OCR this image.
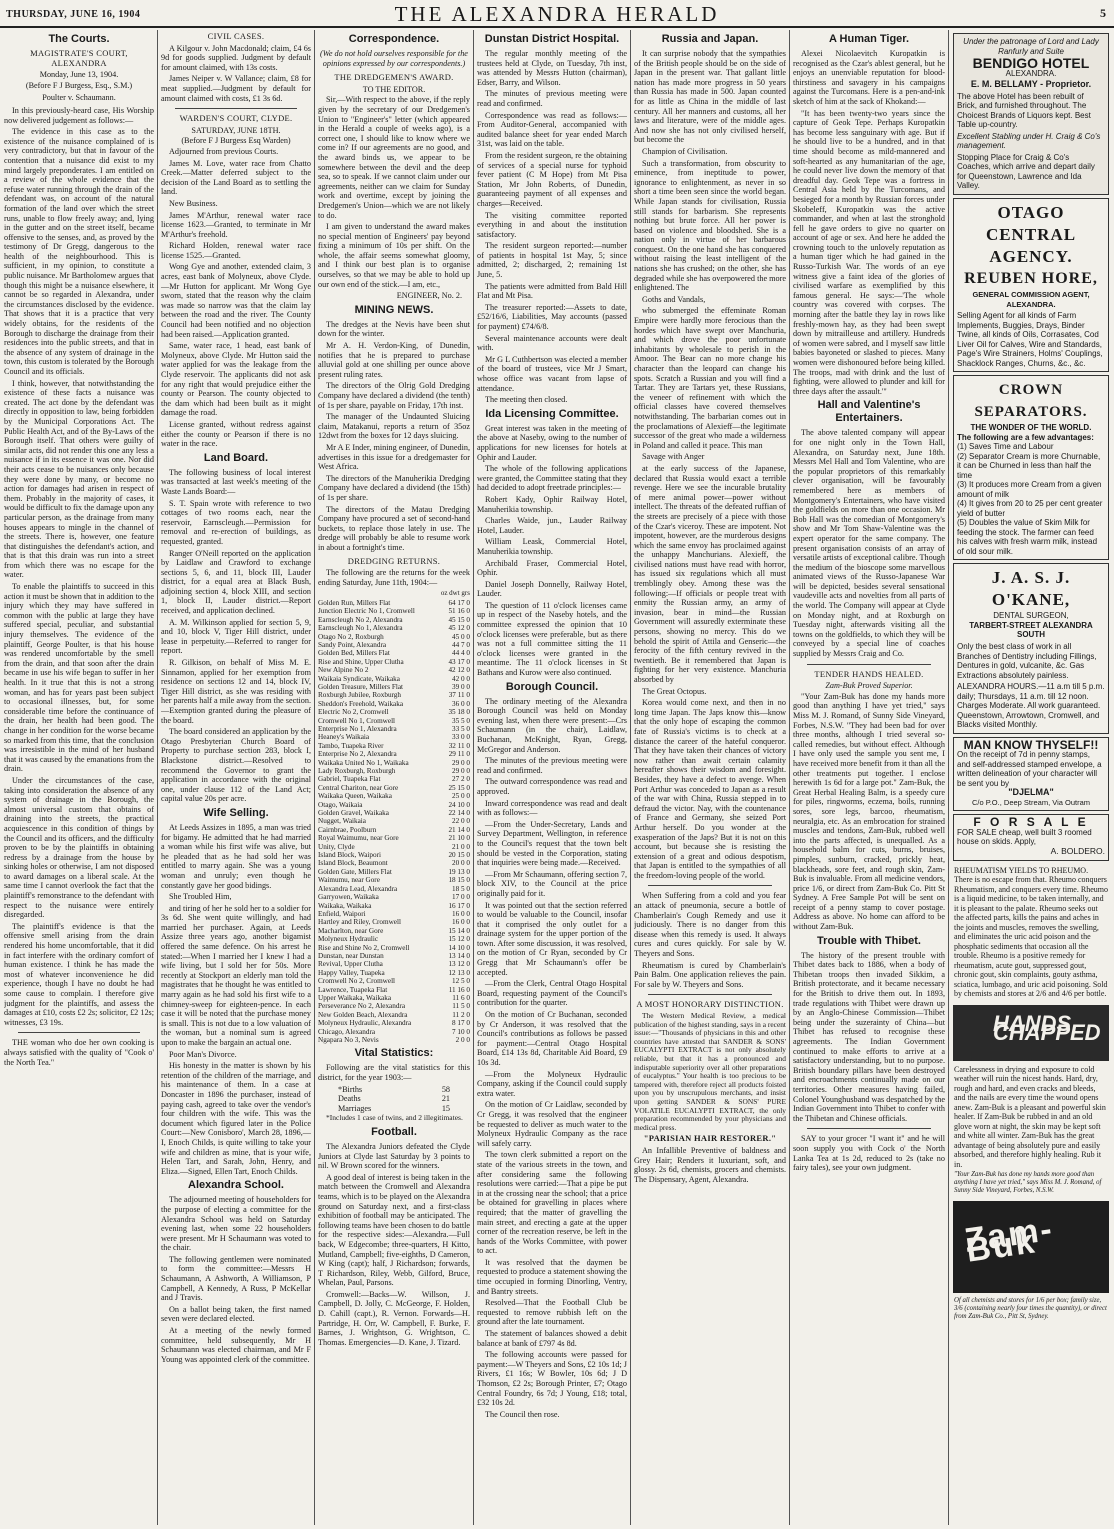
THURSDAY, JUNE 16, 1904	THE ALEXANDRA HERALD	5
The Courts.
MAGISTRATE'S COURT, ALEXANDRA
Monday, June 13, 1904.
(Before F J Burgess, Esq., S.M.)
Poulter v. Schaumann.

In this previously-heard case, His Worship now delivered judgement as follows:—

The evidence in this case as to the existence of the nuisance complained of is very contradictory, but that in favour of the contention that a nuisance did exist to my mind largely preponderates. I am entitled on a review of the whole evidence that the refuse water running through the drain of the defendant was, on account of the natural formation of the land over which the street runs, unable to flow freely away; and, lying in the gutter and on the street itself, became offensive to the senses, and, as proved by the testimony of Dr Gregg, dangerous to the health of the neighbourhood. This is sufficient, in my opinion, to constitute a public nuisance. Mr Bartholomew argues that though this might be a nuisance elsewhere, it cannot be so regarded in Alexandra, under the circumstances disclosed by the evidence. That shows that it is a practice that very widely obtains, for the residents of the Borough to discharge the drainage from their residences into the public streets, and that in the absence of any system of drainage in the town, this custom is tolerated by the Borough Council and its officials.

I think, however, that notwithstanding the existence of these facts a nuisance was created. The act done by the defendant was directly in opposition to law, being forbidden by the Municipal Corporations Act. The Public Health Act, and of the By-Laws of the Borough itself. That others were guilty of similar acts, did not render this one any less a nuisance if in its essence it was one. Nor did their acts cease to be nuisances only because they were done by many, or become no action for damages had arisen in respect of them. Probably in the majority of cases, it would be difficult to fix the damage upon any particular person, as the drainage from many houses appears to mingle in the channel of the streets. There is, however, one feature that distinguishes the defendant's action, and that is that this drain was run into a street from which there was no escape for the water.

To enable the plaintiffs to succeed in this action it must be shown that in addition to the injury which they may have suffered in common with the public at large they have suffered special, peculiar, and substantial injury themselves. The evidence of the plaintiff, George Poulter, is that his house was rendered uncomfortable by the smell from the drain, and that soon after the drain became in use his wife began to suffer in her health. In it true that this is not a strong woman, and has for years past been subject to occasional illnesses, but, for some considerable time before the continuance of the drain, her health had been good. The change in her condition for the worse became so marked from this time, that the conclusion was irresistible in the mind of her husband that it was caused by the emanations from the drain.

Under the circumstances of the case, taking into consideration the absence of any system of drainage in the Borough, the almost universal custom that obtains of draining into the streets, the practical acquiescence in this condition of things by the Council and its officers, and the difficulty proven to be by the plaintiffs in obtaining redress by a drainage from the house by sinking holes or otherwise, I am not disposed to award damages on a liberal scale. At the same time I cannot overlook the fact that the plaintiff's remonstrance to the defendant with respect to the nuisance were entirely disregarded.

The plaintiff's evidence is that the offensive smell arising from the drain rendered his home uncomfortable, that it did in fact interfere with the ordinary comfort of human existence. I think he has made the most of whatever inconvenience he did experience, though I have no doubt he had some cause to complain. I therefore give judgment for the plaintiffs, and assess the damages at £10, costs £2 2s; solicitor, £2 12s; witnesses, £3 19s.

THE woman who doe her own cooking is always satisfied with the quality of "Cook o' the North Tea."

CIVIL CASES.

A Kilgour v. John Macdonald; claim, £4 6s 9d for goods supplied. Judgment by default for amount claimed, with 13s costs.

James Neiper v. W Vallance; claim, £8 for meat supplied.—Judgment by default for amount claimed with costs, £1 3s 6d.

WARDEN'S COURT, CLYDE.
SATURDAY, JUNE 18TH.
(Before F J Burgess Esq Warden)

Adjourned from previous Courts.

James M. Love, water race from Chatto Creek.—Matter deferred subject to the decision of the Land Board as to settling the land.

New Business.

James M'Arthur, renewal water race license 1623.—Granted, to terminate in Mr M'Arthur's freehold.

Richard Holden, renewal water race license 1525.—Granted.

Wong Gye and another, extended claim, 3 acres, east bank of Molyneux, above Clyde.—Mr Hutton for applicant. Mr Wong Gye sworn, stated that the reason why the claim was made so narrow was that the claim lay between the road and the river. The County Council had been notified and no objection had been raised.—Application granted.

Same, water race, 1 head, east bank of Molyneux, above Clyde. Mr Hutton said the water applied for was the leakage from the Clyde reservoir. The applicants did not ask for any right that would prejudice either the county or Pearson. The county objected to the dam which had been built as it might damage the road.

License granted, without redress against either the county or Pearson if there is no water in the race.

Land Board.

The following business of local interest was transacted at last week's meeting of the Waste Lands Board:—

S. T. Spain wrote with reference to two cottages of two rooms each, near the reservoir, Earnscleugh.—Permission for removal and re-erection of buildings, as requested, granted.

Ranger O'Neill reported on the application by Laidlaw and Crawford to exchange sections 5, 6, and 11, block III, Lauder district, for a equal area at Black Bush, adjoining section 4, block XIII, and section 1, block II, Lauder district.—Report received, and application declined.

A. M. Wilkinson applied for section 5, 9, and 10, block V, Tiger Hill district, under lease in perpetuity.—Referred to ranger for report.

R. Gilkison, on behalf of Miss M. E. Sinnamon, applied for her exemption from residence on sections 12 and 14, block IV, Tiger Hill district, as she was residing with her parents half a mile away from the section.—Exemption granted during the pleasure of the board.

The board considered an application by the Otago Presbyterian Church Board of Property to purchase section 283, block I, Blackstone district.—Resolved to recommend the Governor to grant the application in accordance with the original one, under clause 112 of the Land Act; capital value 20s per acre.

Wife Selling.

At Leeds Assizes in 1895, a man was tried for bigamy. He admitted that he had married a woman while his first wife was alive, but he pleaded that as he had sold her was entitled to marry again. She was a young woman and unruly; even though he constantly gave her good bidings.

She Troubled Him,

and tiring of her he sold her to a soldier for 3s 6d. She went quite willingly, and had married her purchaser. Again, at Leeds Assize three years ago, another bigamist offered the same defence. On his arrest he stated:—When I married her I knew I had a wife living, but I sold her for 50s. More recently at Stockport an elderly man told the magistrates that he thought he was entitled to marry again as he had sold his first wife to a chimney-sweep for eighteen-pence. In each case it will be noted that the purchase money is small. This is not due to a low valuation of the woman, but a nominal sum is agreed upon to make the bargain an actual one.

Poor Man's Divorce.

His honesty in the matter is shown by his retention of the children of the marriage, and his maintenance of them. In a case at Doncaster in 1896 the purchaser, instead of paying cash, agreed to take over the vendor's four children with the wife. This was the document which figured later in the Police Court:—New Conisboro', March 28, 1896,—I, Enoch Childs, is quite willing to take your wife and children as mine, that is your wife, Helen Tart, and Sarah, John, Henry, and Eliza.—Signed, Ellen Tart, Enoch Childs.

Alexandra School.

The adjourned meeting of householders for the purpose of electing a committee for the Alexandra School was held on Saturday evening last, when some 22 householders were present. Mr H Schaumann was voted to the chair.

The following gentlemen were nominated to form the committee:—Messrs H Schaumann, A Ashworth, A Williamson, P Campbell, A Kennedy, A Russ, P McKellar and J Travis.

On a ballot being taken, the first named seven were declared elected.

At a meeting of the newly formed committee, held subsequently, Mr H Schaumann was elected chairman, and Mr F Young was appointed clerk of the committee.

Correspondence.
(We do not hold ourselves responsible for the opinions expressed by our correspondents.)
THE DREDGEMEN'S AWARD.
TO THE EDITOR.

Sir,—With respect to the above, if the reply given by the secretary of our Dredgemen's Union to "Engineer's" letter (which appeared in the Herald a couple of weeks ago), is a correct one, I should like to know where we come in? If our agreements are no good, and the award binds us, we appear to be somewhere between the devil and the deep sea, so to speak. If we cannot claim under our agreements, neither can we claim for Sunday work and overtime, except by joining the Dredgemen's Union—which we are not likely to do.

I am given to understand the award makes no special mention of Engineers' pay beyond fixing a minimum of 10s per shift. On the whole, the affair seems somewhat gloomy, and I think our best plan is to organise ourselves, so that we may be able to hold up our own end of the stick.—I am, etc.,

ENGINEER, No. 2.
MINING NEWS.

The dredges at the Nevis have been shut down for the winter.

Mr A. H. Verdon-King, of Dunedin, notifies that he is prepared to purchase alluvial gold at one shilling per ounce above present ruling rates.

The directors of the Olrig Gold Dredging Company have declared a dividend (the tenth) of 1s per share, payable on Friday, 17th inst.

The manager of the Undaunted Sluicing claim, Matakanui, reports a return of 35oz 12dwt from the boxes for 12 days sluicing.

Mr A E Inder, mining engineer, of Dunedin, advertises in this issue for a dredgemaster for West Africa.

The directors of the Manuherikia Dredging Company have declared a dividend (the 15th) of 1s per share.

The directors of the Matau Dredging Company have procured a set of second-hand buckets, to replace those lately in use. The dredge will probably be able to resume work in about a fortnight's time.

DREDGING RETURNS.

The following are the returns for the week ending Saturday, June 11th, 1904:—

oz dwt grs
Golden Run, Millers Flat	64 17 0
Junction Electric No 1, Cromwell	51 16 0
Earnscleugh No 2, Alexandra	45 15 0
Earnscleugh No 1, Alexandra	45 12 0
Otago No 2, Roxburgh	45 0 0
Sandy Point, Alexandra	44 7 0
Golden Bed, Millers Flat	44 4 0
Rise and Shine, Upper Clutha	43 17 0
New Alpine No 2	42 12 0
Waikaia Syndicate, Waikaka	42 0 0
Golden Treasure, Millers Flat	39 0 0
Roxburgh Jubilee, Roxburgh	37 11 0
Sheddon's Freehold, Waikaka	36 0 0
Electric No 2, Cromwell	35 18 0
Cromwell No 1, Cromwell	35 5 0
Enterprise No 1, Alexandra	33 5 0
Heaney's Waikaia	33 0 0
Tambo, Tuapeka River	32 11 0
Enterprise No 2, Alexandra	29 11 0
Waikaka United No 1, Waikaka	29 0 0
Lady Roxburgh, Roxburgh	29 0 0
Gabriel, Tuapeka Flat	27 2 0
Central Chariton, near Gore	25 15 0
Waikaka Queen, Waikaka	25 0 0
Otago, Waikaia	24 10 0
Golden Gravel, Waikaka	22 14 0
Nugget, Waikaia	22 0 0
Cairnbrae, Poolburn	21 14 0
Royal Waimumu, near Gore	21 10 0
Unity, Clyde	21 0 0
Island Block, Waipori	20 15 0
Island Block, Beaumont	20 0 0
Golden Gate, Millers Flat	19 13 0
Waimumu, near Gore	18 15 0
Alexandra Lead, Alexandra	18 5 0
Garryowen, Waikaka	17 0 0
Waikaka, Waikaka	16 17 0
Enfield, Waipori	16 0 0
Hartley and Riley, Cromwell	16 0 0
Macharlton, near Gore	15 14 0
Molyneux Hydraulic	15 12 0
Rise and Shine No 2, Cromwell	14 10 0
Dunstan, near Dunstan	13 14 0
Revival, Upper Clutha	13 12 0
Happy Valley, Tuapeka	12 13 0
Cromwell No 2, Cromwell	12 5 0
Lawrence, Tuapeka Flat	11 16 0
Upper Waikaka, Waikaka	11 6 0
Perseverance No 2, Alexandra	11 5 0
New Golden Beach, Alexandra	11 2 0
Molyneux Hydraulic, Alexandra	8 17 0
Chicago, Alexandra	7 10 0
Ngapara No 3, Nevis	2 0 0
Vital Statistics:

Following are the vital statistics for this district, for the year 1903:—

*Births	58
Deaths	21
Marriages	15

*Includes 1 case of twins, and 2 illegitimates.

Football.

The Alexandra Juniors defeated the Clyde Juniors at Clyde last Saturday by 3 points to nil. W Brown scored for the winners.

A good deal of interest is being taken in the match between the Cromwell and Alexandra teams, which is to be played on the Alexandra ground on Saturday next, and a first-class exhibition of football may be anticipated. The following teams have been chosen to do battle for the respective sides:—Alexandra.—Full back, W Edgecombe; three-quarters, H Kitto, Mutland, Campbell; five-eighths, D Cameron, W King (capt); half, J Richardson; forwards, T Richardson, Riley, Webb, Gilford, Bruce, Whelan, Paul, Parsons.

Cromwell:—Backs—W. Willson, J. Campbell, D. Jolly, C. McGeorge, F. Holden, D. Cahill (capt.), R. Vernon. Forwards—H. Partridge, H. Orr, W. Campbell, F. Burke, F. Barnes, J. Wrightson, G. Wrightson, C. Thomas. Emergencies—D. Kane, J. Tizard.

Dunstan District Hospital.

The regular monthly meeting of the trustees held at Clyde, on Tuesday, 7th inst, was attended by Messrs Hutton (chairman), Edser, Barry, and Wilson.

The minutes of previous meeting were read and confirmed.

Correspondence was read as follows:—From Auditor-General, accompanied with audited balance sheet for year ended March 31st, was laid on the table.

From the resident surgeon, re the obtaining of services of a special nurse for typhoid fever patient (C M Hope) from Mt Pisa Station, Mr John Roberts, of Dunedin, guaranteeing payment of all expenses and charges—Received.

The visiting committee reported everything in and about the institution satisfactory.

The resident surgeon reported:—number of patients in hospital 1st May, 5; since admitted, 2; discharged, 2; remaining 1st June, 5.

The patients were admitted from Bald Hill Flat and Mt Pisa.

The treasurer reported:—Assets to date, £52/16/6, Liabilities, May accounts (passed for payment) £74/6/8.

Several maintenance accounts were dealt with.

Mr G L Cuthbertson was elected a member of the board of trustees, vice Mr J Smart, whose office was vacant from lapse of attendance.

The meeting then closed.

Ida Licensing Committee.

Great interest was taken in the meeting of the above at Naseby, owing to the number of applications for new licenses for hotels at Ophir and Lauder.

The whole of the following applications were granted, the Committee stating that they had decided to adopt freetrade principles:—

Robert Kady, Ophir Railway Hotel, Manuherikia township.

Charles Waide, jun., Lauder Railway Hotel, Lauder.

William Leask, Commercial Hotel, Manuherikia township.

Archibald Fraser, Commercial Hotel, Ophir.

Daniel Joseph Donnelly, Railway Hotel, Lauder.

The question of 11 o'clock licenses came up in respect of the Naseby hotels, and the committee expressed the opinion that 10 o'clock licenses were preferable, but as there was not a full committee sitting the 11 o'clock licenses were granted in the meantime. The 11 o'clock licenses in St Bathans and Kurow were also continued.

Borough Council.

The ordinary meeting of the Alexandra Borough Council was held on Monday evening last, when there were present:—Crs Schaumann (in the chair), Laidlaw, Buchanan, McKnight, Ryan, Gregg, McGregor and Anderson.

The minutes of the previous meeting were read and confirmed.

The outward correspondence was read and approved.

Inward correspondence was read and dealt with as follows:—

—From the Under-Secretary, Lands and Survey Department, Wellington, in reference to the Council's request that the town belt should be vested in the Corporation, stating that inquiries were being made.—Received.

—From Mr Schaumann, offering section 7, block XIV, to the Council at the price originally paid for it.

It was pointed out that the section referred to would be valuable to the Council, insofar that it comprised the only outlet for a drainage system for the upper portion of the town. After some discussion, it was resolved, on the motion of Cr Ryan, seconded by Cr Gregg that Mr Schaumann's offer be accepted.

—From the Clerk, Central Otago Hospital Board, requesting payment of the Council's contribution for the quarter.

On the motion of Cr Buchanan, seconded by Cr Anderson, it was resolved that the Council's contributions as follows be passed for payment:—Central Otago Hospital Board, £14 13s 8d, Charitable Aid Board, £9 10s 3d.

—From the Molyneux Hydraulic Company, asking if the Council could supply extra water.

On the motion of Cr Laidlaw, seconded by Cr Gregg, it was resolved that the engineer be requested to deliver as much water to the Molyneux Hydraulic Company as the race will safely carry.

The town clerk submitted a report on the state of the various streets in the town, and after considering same the following resolutions were carried:—That a pipe be put in at the crossing near the school; that a price be obtained for gravelling in places where required; that the matter of gravelling the main street, and erecting a gate at the upper corner of the recreation reserve, be left in the hands of the Works Committee, with power to act.

It was resolved that the daymen be requested to produce a statement showing the time occupied in forming Dinorling, Ventry, and Bantry streets.

Resolved—That the Football Club be requested to remove rubbish left on the ground after the late tournament.

The statement of balances showed a debit balance at bank of £797 4s 8d.

The following accounts were passed for payment:—W Theyers and Sons, £2 10s 1d; J Rivers, £1 16s; W Bowler, 10s 6d; J D Thomson, £2 2s; Borough Printer, £7; Otago Central Foundry, 6s 7d; J Young, £18; total, £32 10s 2d.

The Council then rose.

Russia and Japan.

It can surprise nobody that the sympathies of the British people should be on the side of Japan in the present war. That gallant little nation has made more progress in 50 years than Russia has made in 500. Japan counted for as little as China in the middle of last century. All her manners and customs, all her laws and literature, were of the middle ages. And now she has not only civilised herself, but become the

Champion of Civilisation.

Such a transformation, from obscurity to eminence, from ineptitude to power, ignorance to enlightenment, as never in so short a time been seen since the world began. While Japan stands for civilisation, Russia still stands for barbarism. She represents nothing but brute force. All her power is based on violence and bloodshed. She is a nation only in virtue of her barbarous conquest. On the one hand she has conquered without raising the least intelligent of the nations she has crushed; on the other, she has degraded while she has overpowered the more enlightened. The

Goths and Vandals,

who submerged the effeminate Roman Empire were hardly more ferocious than the hordes which have swept over Manchuria, and which drove the poor unfortunate inhabitants by wholesale to perish in the Amoor. The Bear can no more change his character than the leopard can change his spots. Scratch a Russian and you will find a Tartar. They are Tartars yet, these Russians, the veneer of refinement with which the official classes have covered themselves notwithstanding. The barbarian comes out in the proclamations of Alexieff—the legitimate successor of the great who made a wilderness in Poland and called it peace. This man

Savage with Anger

at the early success of the Japanese, declared that Russia would exact a terrible revenge. Here we see the incurable brutality of mere animal power—power without intellect. The threats of the defeated ruffian of the streets are precisely of a piece with those of the Czar's viceroy. These are impotent. Not impotent, however, are the murderous designs which the same envoy has proclaimed against the unhappy Manchurians. Alexieff, the civilised nations must have read with horror, has issued six regulations which all must tremblingly obey. Among these was the following:—If officials or people treat with enmity the Russian army, an army of invasion, bear in mind—the Russian Government will assuredly exterminate these persons, showing no mercy. This do we behold the spirit of Attila and Genseric—the ferocity of the fifth century revived in the twentieth. Be it remembered that Japan is fighting for her very existence. Manchuria absorbed by

The Great Octopus.

Korea would come next, and then in no long time Japan. The Japs know this—know that the only hope of escaping the common fate of Russia's victims is to check at a distance the career of the hateful conqueror. That they have taken their chances of victory now rather than await certain calamity hereafter shows their wisdom and foresight. Besides, they have a defect to avenge. When Port Arthur was conceded to Japan as a result of the war with China, Russia stepped in to defraud the victor. Nay, with the countenance of France and Germany, she seized Port Arthur herself. Do you wonder at the exasperation of the Japs? But it is not on this account, but because she is resisting the extension of a great and odious despotism, that Japan is entitled to the sympathies of all the freedom-loving people of the world.

When Suffering from a cold and you fear an attack of pneumonia, secure a bottle of Chamberlain's Cough Remedy and use it judiciously. There is no danger from this disease when this remedy is used. It always cures and cures quickly. For sale by W. Theyers and Sons.

Rheumatism is cured by Chamberlain's Pain Balm. One application relieves the pain. For sale by W. Theyers and Sons.

A MOST HONORARY DISTINCTION.

The Western Medical Review, a medical publication of the highest standing, says in a recent issue:—"Thousands of physicians in this and other countries have attested that SANDER & SONS' EUCALYPTI EXTRACT is not only absolutely reliable, but that it has a pronounced and indisputable superiority over all other preparations of eucalyptus." Your health is too precious to be tampered with, therefore reject all products foisted upon you by unscrupulous merchants, and insist upon getting SANDER & SONS' PURE VOLATILE EUCALYPTI EXTRACT, the only preparation recommended by your physicians and medical press.

"PARISIAN HAIR RESTORER."

An Infallible Preventive of baldness and Grey Hair; Renders it luxuriant, soft, and glossy. 2s 6d, chemists, grocers and chemists. The Dispensary, Agent, Alexandra.

A Human Tiger.

Alexei Nicolaevitch Kuropatkin is recognised as the Czar's ablest general, but he enjoys an unenviable reputation for blood-thirstiness and savagery in his campaigns against the Turcomans. Here is a pen-and-ink sketch of him at the sack of Khokand:—

"It has been twenty-two years since the capture of Geok Tepe. Perhaps Kuropatkin has become less sanguinary with age. But if he should live to be a hundred, and in that time should become as mild-mannered and soft-hearted as any humanitarian of the age, he could never live down the memory of that dreadful day. Geok Tepe was a fortress in Central Asia held by the Turcomans, and besieged for a month by Russian forces under Skobeleff, Kuropatkin was the active commander, and when at last the stronghold fell he gave orders to give no quarter on account of age or sex. And here he added the crowning touch to the unlovely reputation as a human tiger which he had gained in the Russo-Turkish War. The words of an eye witness give a faint idea of the glories of civilised warfare as exemplified by this famous general. He says:—'The whole country was covered with corpses. The morning after the battle they lay in rows like freshly-mown hay, as they had been swept down by mitrailleuse and artillery. Hundreds of women were sabred, and I myself saw little babies bayoneted or slashed to pieces. Many women were dishonoured before being killed. The troops, mad with drink and the lust of fighting, were allowed to plunder and kill for three days after the assault.'"

Hall and Valentine's Entertainers.

The above talented company will appear for one night only in the Town Hall, Alexandra, on Saturday next, June 18th. Messrs Mel Hall and Tom Valentine, who are the popular proprietors of this remarkably clever organisation, will be favourably remembered here as members of Montgomery's Entertainers, who have visited the goldfields on more than one occasion. Mr Bob Hall was the comedian of Montgomery's show and Mr Tom Shaw-Valentine was the expert operator for the same company. The present organisation consists of an array of versatile artists of exceptional calibre. Though the medium of the bioscope some marvellous animated views of the Russo-Japanese War will be depicted, besides several sensational vaudeville acts and novelties from all parts of the world. The Company will appear at Clyde on Monday night, and at Roxburgh on Tuesday night, afterwards visiting all the towns on the goldfields, to which they will be conveyed by a special line of coaches supplied by Messrs Craig and Co.

TENDER HANDS HEALED.
Zam-Buk Proved Superior.

"Your Zam-Buk has done my hands more good than anything I have yet tried," says Miss M. J. Romand, of Sunny Side Vineyard, Forbes, N.S.W. "They had been bad for over three months, although I tried several so-called remedies, but without effect. Although I have only used the sample you sent me, I have received more benefit from it than all the other treatments put together. I enclose herewith 1s 6d for a large pot." Zam-Buk, the Great Herbal Healing Balm, is a speedy cure for piles, ringworms, eczema, boils, running sores, sore legs, barcoo, rheumatism, neuralgia, etc. As an embrocation for strained muscles and tendons, Zam-Buk, rubbed well into the parts affected, is unequalled. As a household balm for cuts, burns, bruises, pimples, sunburn, cracked, prickly heat, blackheads, sore feet, and rough skin, Zam-Buk is invaluable. From all medicine vendors, price 1/6, or direct from Zam-Buk Co. Pitt St Sydney. A Free Sample Pot will be sent on receipt of a penny stamp to cover postage. Address as above. No home can afford to be without Zam-Buk.

Trouble with Thibet.

The history of the present trouble with Thibet dates back to 1886, when a body of Thibetan troops then invaded Sikkim, a British protectorate, and it became necessary for the British to drive them out. In 1893, trade regulations with Thibet were drawn up by an Anglo-Chinese Commission—Thibet being under the suzerainty of China—but Thibet has refused to recognise these agreements. The Indian Government continued to make efforts to arrive at a satisfactory understanding, but to no purpose. British boundary pillars have been destroyed and encroachments continually made on our territories. Other measures having failed, Colonel Younghusband was despatched by the Indian Government into Thibet to confer with the Thibetan and Chinese officials.

SAY to your grocer "I want it" and he will soon supply you with Cock o' the North Lanka Tea at 1s 2d, reduced to 2s (take no fairy tales), see your own judgment.

Under the patronage of Lord and Lady Ranfurly and Suite
BENDIGO HOTEL
ALEXANDRA.
E. M. BELLAMY - Proprietor.
The above Hotel has been rebuilt of Brick, and furnished throughout. The Choicest Brands of Liquors kept. Best Table up-country.
Excellent Stabling under H. Craig & Co's management.
Stopping Place for Craig & Co's Coaches, which arrive and depart daily for Queenstown, Lawrence and Ida Valley.
OTAGO CENTRAL AGENCY.
REUBEN HORE,
GENERAL COMMISSION AGENT, ALEXANDRA.
Selling Agent for all kinds of Farm Implements, Buggies, Drays, Binder Twine, all kinds of Oils, Corrasates, Cod Liver Oil for Calves, Wire and Standards, Page's Wire Strainers, Holms' Couplings, Shacklock Ranges, Churns, &c., &c.
CROWN SEPARATORS.
THE WONDER OF THE WORLD.
The following are a few advantages:
(1) Saves Time and Labour
(2) Separator Cream is more Churnable, it can be Churned in less than half the time
(3) It produces more Cream from a given amount of milk
(4) It gives from 20 to 25 per cent greater yield of butter
(5) Doubles the value of Skim Milk for feeding the stock. The farmer can feed his calves with fresh warm milk, instead of old sour milk.
J. A. S. J. O'KANE,
DENTAL SURGEON,
TARBERT-STREET ALEXANDRA SOUTH
Only the best class of work in all Branches of Dentistry including Fillings, Dentures in gold, vulcanite, &c. Gas Extractions absolutely painless.
ALEXANDRA HOURS.—11 a.m till 5 p.m. daily; Thursdays, 11 a.m. till 12 noon. Charges Moderate. All work guaranteed. Queenstown, Arrowtown, Cromwell, and Blacks visited Monthly.
MAN KNOW THYSELF!!
On the receipt of 7d in penny stamps, and self-addressed stamped envelope, a written delineation of your character will be sent you by
"DJELMA"
C/o P.O., Deep Stream, Via Outram
F O R S A L E
FOR SALE cheap, well built 3 roomed house on skids. Apply,
A. BOLDERO.
RHEUMATISM YIELDS TO RHEUMO. There is no escape from that. Rheumo conquers Rheumatism, and conquers every time. Rheumo is a liquid medicine, to be taken internally, and it is pleasant to the palate. Rheumo seeks out the affected parts, kills the pains and aches in the joints and muscles, removes the swelling, and eliminates the uric acid poison and the phosphatic sediments that occasion all the trouble. Rheumo is a positive remedy for rheumatism, acute gout, suppressed gout, chronic gout, skin complaints, gouty asthma, sciatica, lumbago, and uric acid poisoning. Sold by chemists and stores at 2/6 and 4/6 per bottle.
HANDS CHAPPED
Carelessness in drying and exposure to cold weather will ruin the nicest hands. Hard, dry, rough and hard, and even cracks and bleeds, and the nails are every time the wound opens anew. Zam-Buk is a pleasant and powerful skin healer. If Zam-Buk be rubbed in and an old glove worn at night, the skin may be kept soft and white all winter. Zam-Buk has the great advantage of being absolutely pure and easily absorbed, and therefore highly healing. Rub it in.
"Your Zam-Buk has done my hands more good than anything I have yet tried," says Miss M. J. Romand, of Sunny Side Vineyard, Forbes, N.S.W.
Zam-Buk
Of all chemists and stores for 1/6 per box; family size, 3/6 (containing nearly four times the quantity), or direct from Zam-Buk Co., Pitt St, Sydney.
